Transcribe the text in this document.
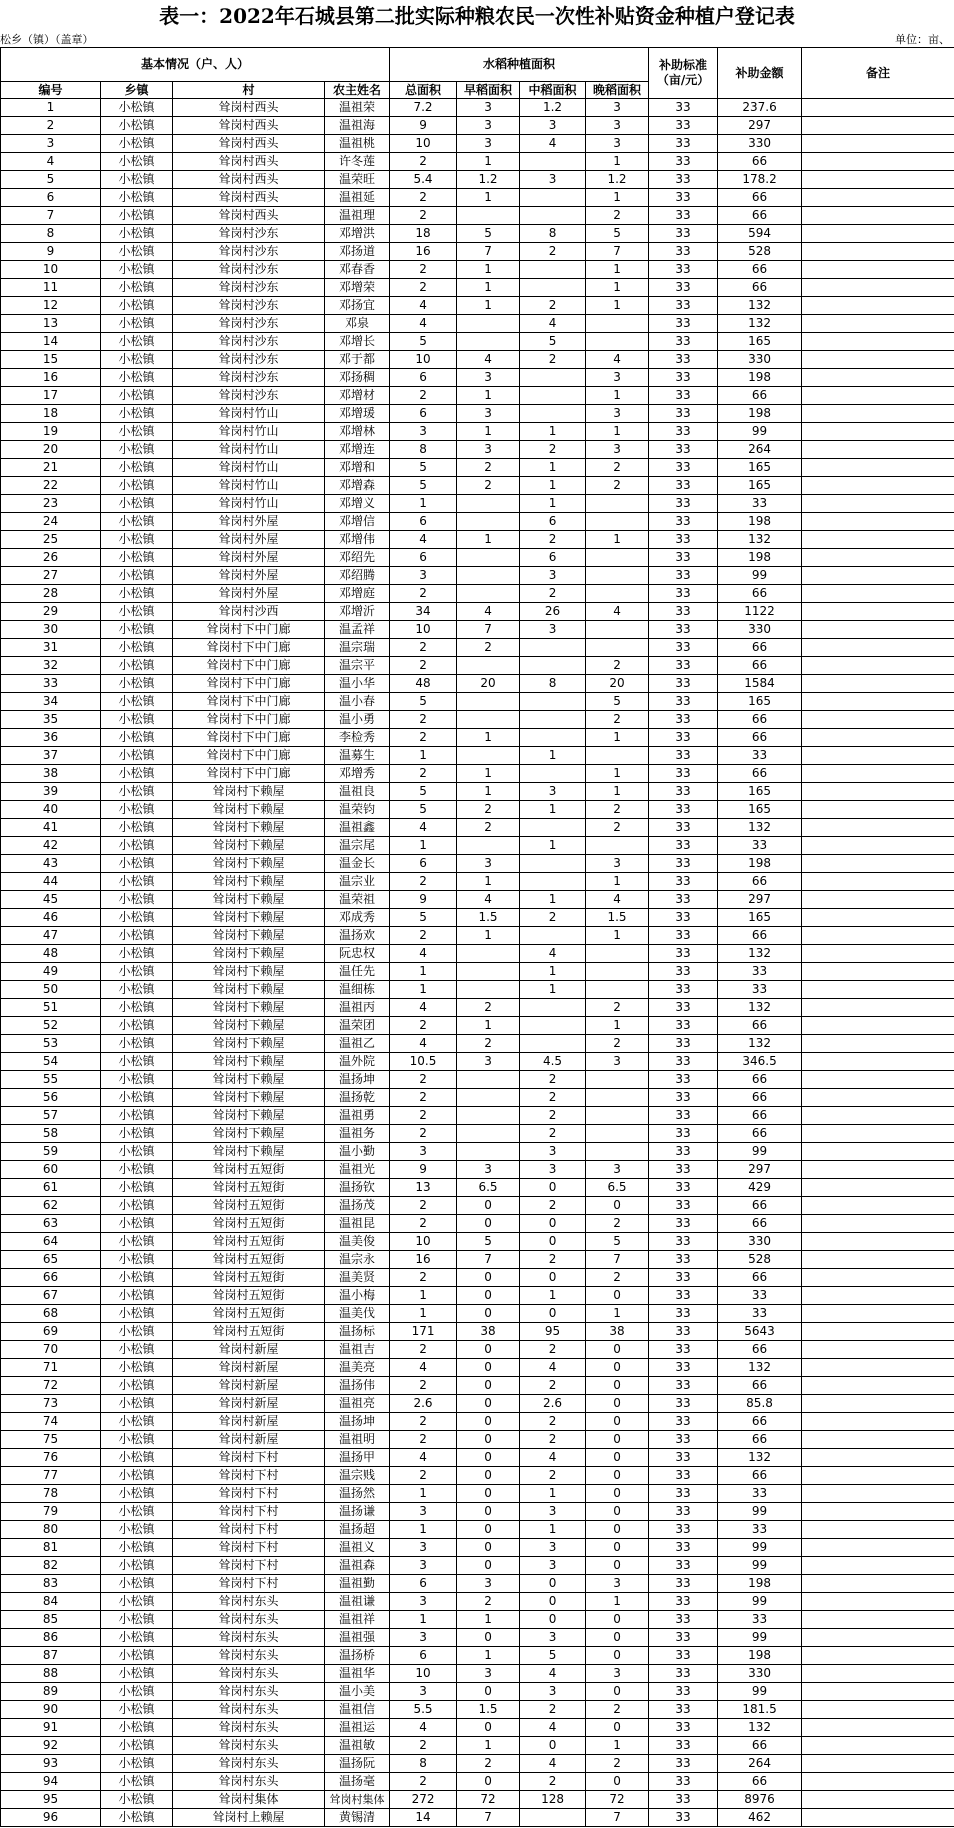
表一：2022年石城县第二批实际种粮农民一次性补贴资金种植户登记表
松乡（镇）（盖章）	单位：亩、
基本情况（户、人）				水稻种植面积				补助标准（亩/元）	补助金额	备注
编号	乡镇	村	农主姓名	总面积	早稻面积	中稻面积	晚稻面积			
1	小松镇	耸岗村西头	温祖荣	7.2	3	1.2	3	33	237.6	
2	小松镇	耸岗村西头	温祖海	9	3	3	3	33	297	
3	小松镇	耸岗村西头	温祖桃	10	3	4	3	33	330	
4	小松镇	耸岗村西头	许冬莲	2	1		1	33	66	
5	小松镇	耸岗村西头	温荣旺	5.4	1.2	3	1.2	33	178.2	
6	小松镇	耸岗村西头	温祖延	2	1		1	33	66	
7	小松镇	耸岗村西头	温祖理	2			2	33	66	
8	小松镇	耸岗村沙东	邓增洪	18	5	8	5	33	594	
9	小松镇	耸岗村沙东	邓扬道	16	7	2	7	33	528	
10	小松镇	耸岗村沙东	邓春香	2	1		1	33	66	
11	小松镇	耸岗村沙东	邓增荣	2	1		1	33	66	
12	小松镇	耸岗村沙东	邓扬宜	4	1	2	1	33	132	
13	小松镇	耸岗村沙东	邓泉	4		4		33	132	
14	小松镇	耸岗村沙东	邓增长	5		5		33	165	
15	小松镇	耸岗村沙东	邓于都	10	4	2	4	33	330	
16	小松镇	耸岗村沙东	邓扬稠	6	3		3	33	198	
17	小松镇	耸岗村沙东	邓增材	2	1		1	33	66	
18	小松镇	耸岗村竹山	邓增瑗	6	3		3	33	198	
19	小松镇	耸岗村竹山	邓增林	3	1	1	1	33	99	
20	小松镇	耸岗村竹山	邓增连	8	3	2	3	33	264	
21	小松镇	耸岗村竹山	邓增和	5	2	1	2	33	165	
22	小松镇	耸岗村竹山	邓增森	5	2	1	2	33	165	
23	小松镇	耸岗村竹山	邓增义	1		1		33	33	
24	小松镇	耸岗村外屋	邓增信	6		6		33	198	
25	小松镇	耸岗村外屋	邓增伟	4	1	2	1	33	132	
26	小松镇	耸岗村外屋	邓绍先	6		6		33	198	
27	小松镇	耸岗村外屋	邓绍腾	3		3		33	99	
28	小松镇	耸岗村外屋	邓增庭	2		2		33	66	
29	小松镇	耸岗村沙西	邓增沂	34	4	26	4	33	1122	
30	小松镇	耸岗村下中门廊	温孟祥	10	7	3		33	330	
31	小松镇	耸岗村下中门廊	温宗瑞	2	2			33	66	
32	小松镇	耸岗村下中门廊	温宗平	2			2	33	66	
33	小松镇	耸岗村下中门廊	温小华	48	20	8	20	33	1584	
34	小松镇	耸岗村下中门廊	温小春	5			5	33	165	
35	小松镇	耸岗村下中门廊	温小勇	2			2	33	66	
36	小松镇	耸岗村下中门廊	李检秀	2	1		1	33	66	
37	小松镇	耸岗村下中门廊	温募生	1		1		33	33	
38	小松镇	耸岗村下中门廊	邓增秀	2	1		1	33	66	
39	小松镇	耸岗村下赖屋	温祖良	5	1	3	1	33	165	
40	小松镇	耸岗村下赖屋	温荣钧	5	2	1	2	33	165	
41	小松镇	耸岗村下赖屋	温祖鑫	4	2		2	33	132	
42	小松镇	耸岗村下赖屋	温宗尾	1		1		33	33	
43	小松镇	耸岗村下赖屋	温金长	6	3		3	33	198	
44	小松镇	耸岗村下赖屋	温宗业	2	1		1	33	66	
45	小松镇	耸岗村下赖屋	温荣祖	9	4	1	4	33	297	
46	小松镇	耸岗村下赖屋	邓成秀	5	1.5	2	1.5	33	165	
47	小松镇	耸岗村下赖屋	温扬欢	2	1		1	33	66	
48	小松镇	耸岗村下赖屋	阮忠权	4		4		33	132	
49	小松镇	耸岗村下赖屋	温任先	1		1		33	33	
50	小松镇	耸岗村下赖屋	温细栋	1		1		33	33	
51	小松镇	耸岗村下赖屋	温祖丙	4	2		2	33	132	
52	小松镇	耸岗村下赖屋	温荣团	2	1		1	33	66	
53	小松镇	耸岗村下赖屋	温祖乙	4	2		2	33	132	
54	小松镇	耸岗村下赖屋	温外院	10.5	3	4.5	3	33	346.5	
55	小松镇	耸岗村下赖屋	温扬坤	2		2		33	66	
56	小松镇	耸岗村下赖屋	温扬乾	2		2		33	66	
57	小松镇	耸岗村下赖屋	温祖勇	2		2		33	66	
58	小松镇	耸岗村下赖屋	温祖务	2		2		33	66	
59	小松镇	耸岗村下赖屋	温小勤	3		3		33	99	
60	小松镇	耸岗村五短街	温祖光	9	3	3	3	33	297	
61	小松镇	耸岗村五短街	温扬钦	13	6.5	0	6.5	33	429	
62	小松镇	耸岗村五短街	温扬茂	2	0	2	0	33	66	
63	小松镇	耸岗村五短街	温祖昆	2	0	0	2	33	66	
64	小松镇	耸岗村五短街	温美俊	10	5	0	5	33	330	
65	小松镇	耸岗村五短街	温宗永	16	7	2	7	33	528	
66	小松镇	耸岗村五短街	温美贤	2	0	0	2	33	66	
67	小松镇	耸岗村五短街	温小梅	1	0	1	0	33	33	
68	小松镇	耸岗村五短街	温美伐	1	0	0	1	33	33	
69	小松镇	耸岗村五短街	温扬标	171	38	95	38	33	5643	
70	小松镇	耸岗村新屋	温祖吉	2	0	2	0	33	66	
71	小松镇	耸岗村新屋	温美亮	4	0	4	0	33	132	
72	小松镇	耸岗村新屋	温扬伟	2	0	2	0	33	66	
73	小松镇	耸岗村新屋	温祖亮	2.6	0	2.6	0	33	85.8	
74	小松镇	耸岗村新屋	温扬坤	2	0	2	0	33	66	
75	小松镇	耸岗村新屋	温祖明	2	0	2	0	33	66	
76	小松镇	耸岗村下村	温扬甲	4	0	4	0	33	132	
77	小松镇	耸岗村下村	温宗贱	2	0	2	0	33	66	
78	小松镇	耸岗村下村	温扬然	1	0	1	0	33	33	
79	小松镇	耸岗村下村	温扬谦	3	0	3	0	33	99	
80	小松镇	耸岗村下村	温扬超	1	0	1	0	33	33	
81	小松镇	耸岗村下村	温祖义	3	0	3	0	33	99	
82	小松镇	耸岗村下村	温祖森	3	0	3	0	33	99	
83	小松镇	耸岗村下村	温祖勤	6	3	0	3	33	198	
84	小松镇	耸岗村东头	温祖谦	3	2	0	1	33	99	
85	小松镇	耸岗村东头	温祖祥	1	1	0	0	33	33	
86	小松镇	耸岗村东头	温祖强	3	0	3	0	33	99	
87	小松镇	耸岗村东头	温扬桥	6	1	5	0	33	198	
88	小松镇	耸岗村东头	温祖华	10	3	4	3	33	330	
89	小松镇	耸岗村东头	温小美	3	0	3	0	33	99	
90	小松镇	耸岗村东头	温祖信	5.5	1.5	2	2	33	181.5	
91	小松镇	耸岗村东头	温祖运	4	0	4	0	33	132	
92	小松镇	耸岗村东头	温祖敏	2	1	0	1	33	66	
93	小松镇	耸岗村东头	温扬阮	8	2	4	2	33	264	
94	小松镇	耸岗村东头	温扬毫	2	0	2	0	33	66	
95	小松镇	耸岗村集体	耸岗村集体	272	72	128	72	33	8976	
96	小松镇	耸岗村上赖屋	黄锡清	14	7		7	33	462	
